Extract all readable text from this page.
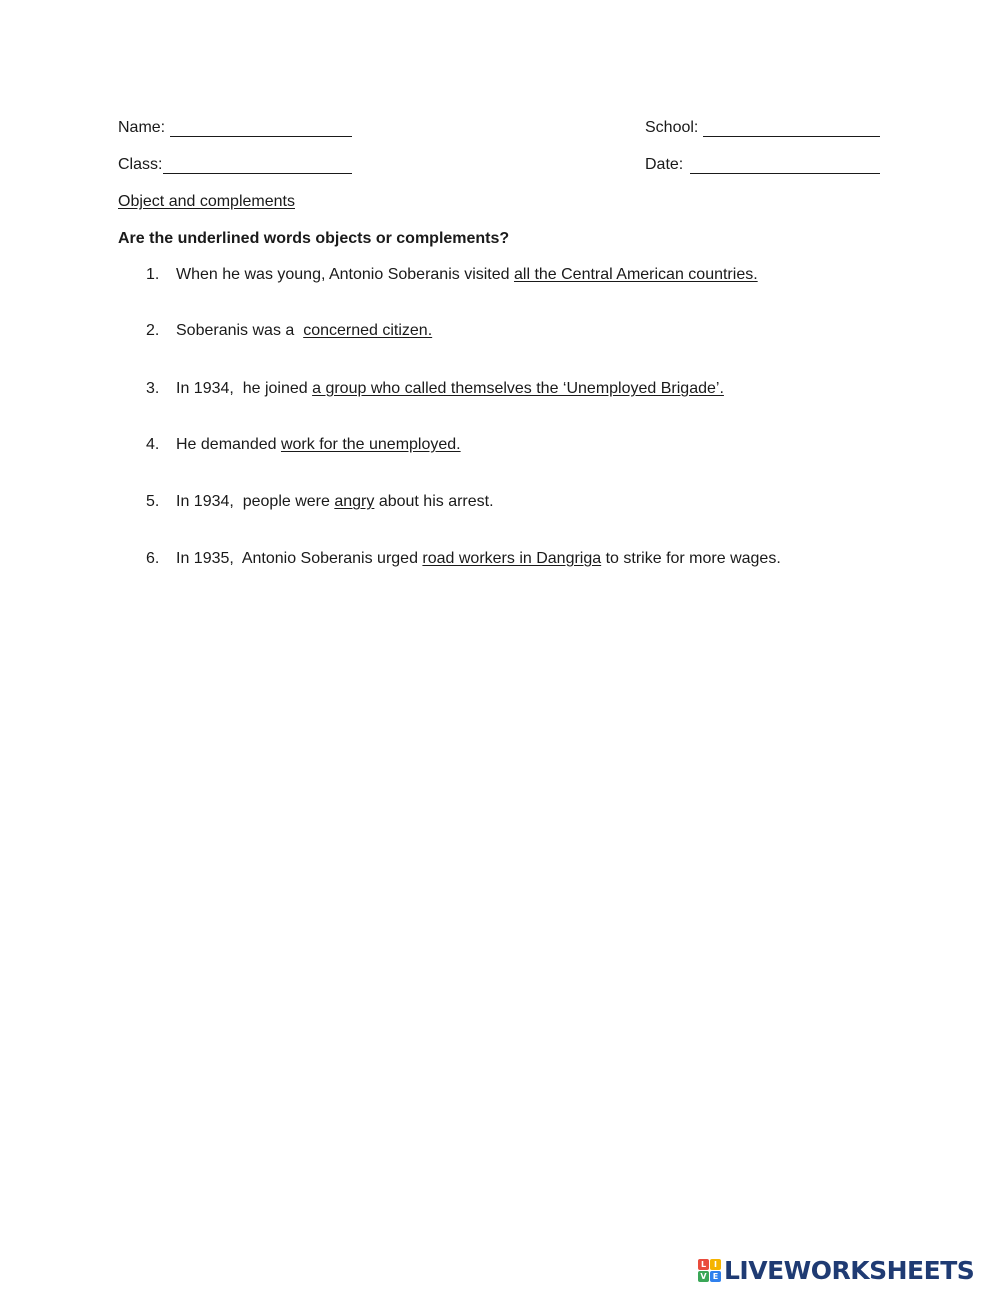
Name:	School:
Class:	Date:
Object and complements
Are the underlined words objects or complements?
1. When he was young, Antonio Soberanis visited all the Central American countries.
2. Soberanis was a  concerned citizen.
3. In 1934,  he joined a group who called themselves the ‘Unemployed Brigade’.
4. He demanded work for the unemployed.
5. In 1934,  people were angry about his arrest.
6. In 1935,  Antonio Soberanis urged road workers in Dangriga to strike for more wages.
L I
V E LIVEWORKSHEETS
